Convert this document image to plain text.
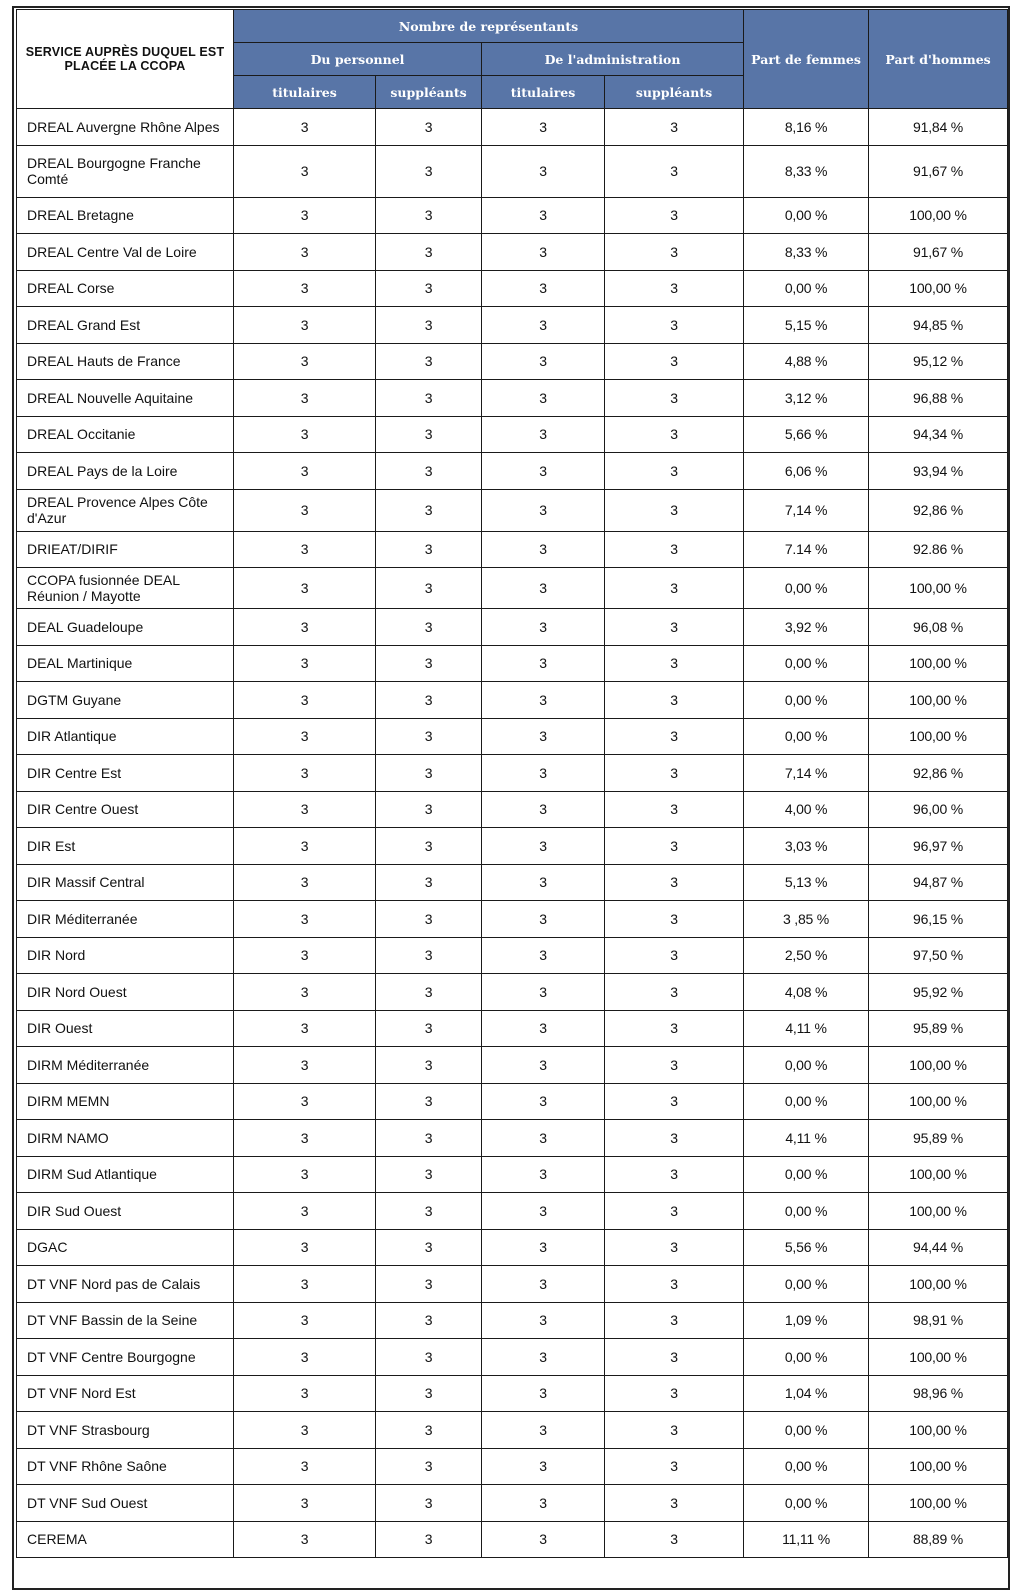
SERVICE AUPRÈS DUQUEL EST PLACÉE LA CCOPA	Nombre de représentants				Part de femmes	Part d'hommes
	Du personnel		De l'administration			
	titulaires	suppléants	titulaires	suppléants		
DREAL Auvergne Rhône Alpes	3	3	3	3	8,16 %	91,84 %
DREAL Bourgogne Franche Comté	3	3	3	3	8,33 %	91,67 %
DREAL Bretagne	3	3	3	3	0,00 %	100,00 %
DREAL Centre Val de Loire	3	3	3	3	8,33 %	91,67 %
DREAL Corse	3	3	3	3	0,00 %	100,00 %
DREAL Grand Est	3	3	3	3	5,15 %	94,85 %
DREAL Hauts de France	3	3	3	3	4,88 %	95,12 %
DREAL Nouvelle Aquitaine	3	3	3	3	3,12 %	96,88 %
DREAL Occitanie	3	3	3	3	5,66 %	94,34 %
DREAL Pays de la Loire	3	3	3	3	6,06 %	93,94 %
DREAL Provence Alpes Côte d'Azur	3	3	3	3	7,14 %	92,86 %
DRIEAT/DIRIF	3	3	3	3	7.14 %	92.86 %
CCOPA fusionnée DEAL Réunion / Mayotte	3	3	3	3	0,00 %	100,00 %
DEAL Guadeloupe	3	3	3	3	3,92 %	96,08 %
DEAL Martinique	3	3	3	3	0,00 %	100,00 %
DGTM Guyane	3	3	3	3	0,00 %	100,00 %
DIR Atlantique	3	3	3	3	0,00 %	100,00 %
DIR Centre Est	3	3	3	3	7,14 %	92,86 %
DIR Centre Ouest	3	3	3	3	4,00 %	96,00 %
DIR Est	3	3	3	3	3,03 %	96,97 %
DIR Massif Central	3	3	3	3	5,13 %	94,87 %
DIR Méditerranée	3	3	3	3	3 ,85 %	96,15 %
DIR Nord	3	3	3	3	2,50 %	97,50 %
DIR Nord Ouest	3	3	3	3	4,08 %	95,92 %
DIR Ouest	3	3	3	3	4,11 %	95,89 %
DIRM Méditerranée	3	3	3	3	0,00 %	100,00 %
DIRM MEMN	3	3	3	3	0,00 %	100,00 %
DIRM NAMO	3	3	3	3	4,11 %	95,89 %
DIRM Sud Atlantique	3	3	3	3	0,00 %	100,00 %
DIR Sud Ouest	3	3	3	3	0,00 %	100,00 %
DGAC	3	3	3	3	5,56 %	94,44 %
DT VNF Nord pas de Calais	3	3	3	3	0,00 %	100,00 %
DT VNF Bassin de la Seine	3	3	3	3	1,09 %	98,91 %
DT VNF Centre Bourgogne	3	3	3	3	0,00 %	100,00 %
DT VNF Nord Est	3	3	3	3	1,04 %	98,96 %
DT VNF Strasbourg	3	3	3	3	0,00 %	100,00 %
DT VNF Rhône Saône	3	3	3	3	0,00 %	100,00 %
DT VNF Sud Ouest	3	3	3	3	0,00 %	100,00 %
CEREMA	3	3	3	3	11,11 %	88,89 %
